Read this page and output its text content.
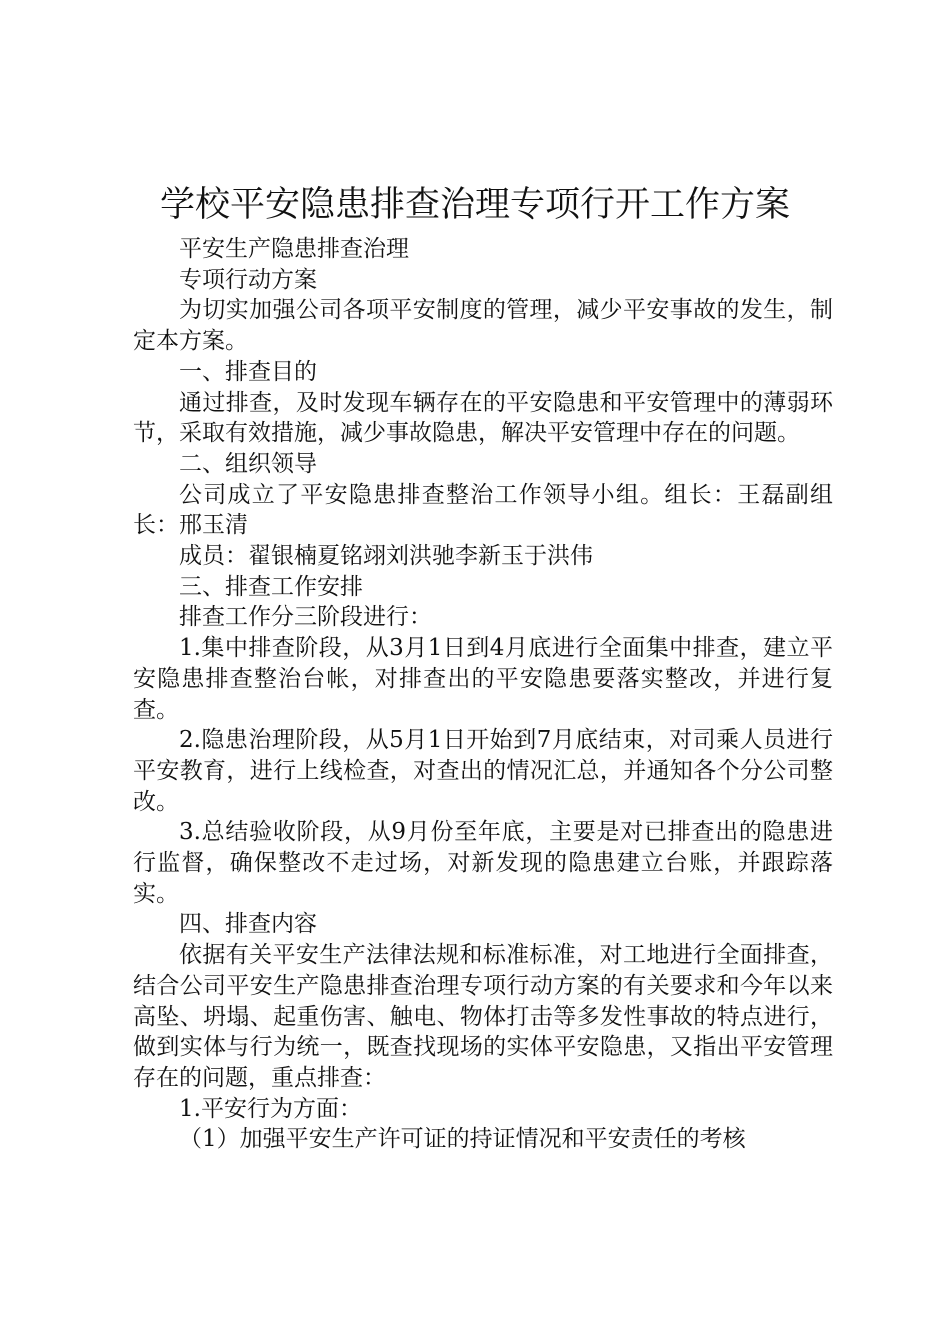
学校平安隐患排查治理专项行开工作方案

平安生产隐患排查治理

专项行动方案

为切实加强公司各项平安制度的管理，减少平安事故的发生，制定本方案。

一、排查目的

通过排查，及时发现车辆存在的平安隐患和平安管理中的薄弱环节，采取有效措施，减少事故隐患，解决平安管理中存在的问题。

二、组织领导

公司成立了平安隐患排查整治工作领导小组。组长：王磊副组长：邢玉清

成员：翟银楠夏铭翊刘洪驰李新玉于洪伟

三、排查工作安排

排查工作分三阶段进行：

1.集中排查阶段，从3月1日到4月底进行全面集中排查，建立平安隐患排查整治台帐，对排查出的平安隐患要落实整改，并进行复查。

2.隐患治理阶段，从5月1日开始到7月底结束，对司乘人员进行平安教育，进行上线检查，对查出的情况汇总，并通知各个分公司整改。

3.总结验收阶段，从9月份至年底，主要是对已排查出的隐患进行监督，确保整改不走过场，对新发现的隐患建立台账，并跟踪落实。

四、排查内容

依据有关平安生产法律法规和标准标准，对工地进行全面排查，结合公司平安生产隐患排查治理专项行动方案的有关要求和今年以来高坠、坍塌、起重伤害、触电、物体打击等多发性事故的特点进行，做到实体与行为统一，既查找现场的实体平安隐患，又指出平安管理存在的问题，重点排查：

1.平安行为方面：

（1）加强平安生产许可证的持证情况和平安责任的考核
